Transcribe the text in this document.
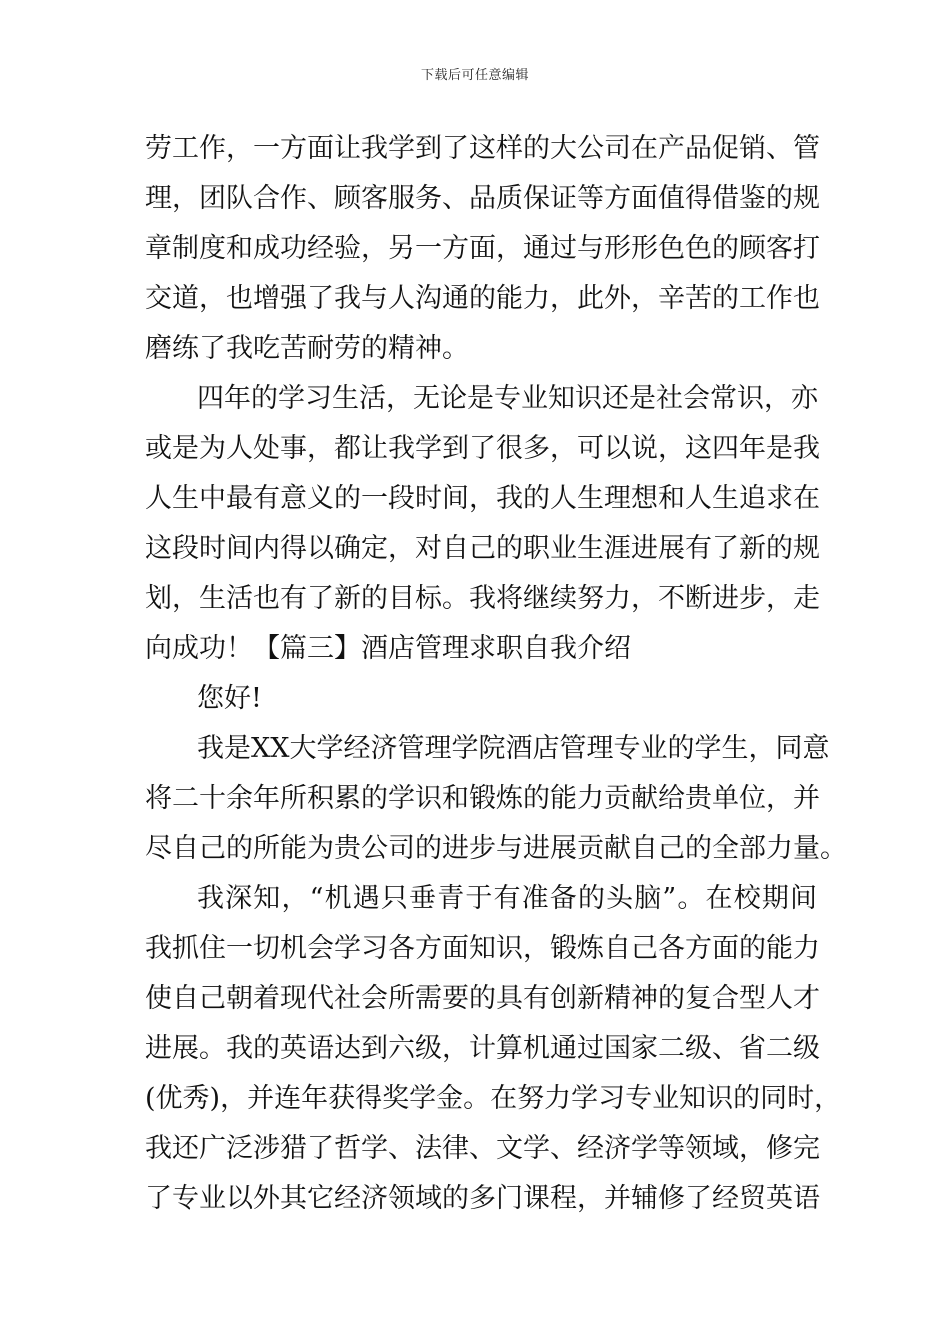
下载后可任意编辑
劳工作，一方面让我学到了这样的大公司在产品促销、管
理，团队合作、顾客服务、品质保证等方面值得借鉴的规
章制度和成功经验，另一方面，通过与形形色色的顾客打
交道，也增强了我与人沟通的能力，此外，辛苦的工作也
磨练了我吃苦耐劳的精神。
四年的学习生活，无论是专业知识还是社会常识，亦
或是为人处事，都让我学到了很多，可以说，这四年是我
人生中最有意义的一段时间，我的人生理想和人生追求在
这段时间内得以确定，对自己的职业生涯进展有了新的规
划，生活也有了新的目标。我将继续努力，不断进步，走
向成功！【篇三】酒店管理求职自我介绍
您好!
我是XX大学经济管理学院酒店管理专业的学生，同意
将二十余年所积累的学识和锻炼的能力贡献给贵单位，并
尽自己的所能为贵公司的进步与进展贡献自己的全部力量。
我深知，“机遇只垂青于有准备的头脑”。在校期间
我抓住一切机会学习各方面知识，锻炼自己各方面的能力
使自己朝着现代社会所需要的具有创新精神的复合型人才
进展。我的英语达到六级，计算机通过国家二级、省二级
(优秀)，并连年获得奖学金。在努力学习专业知识的同时，
我还广泛涉猎了哲学、法律、文学、经济学等领域，修完
了专业以外其它经济领域的多门课程，并辅修了经贸英语
